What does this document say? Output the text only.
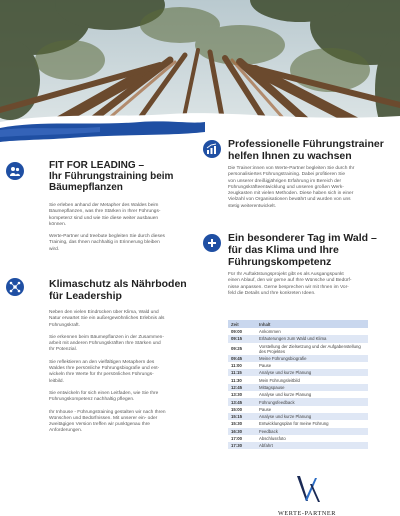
FIT FOR LEADING –
Ihr Führungstraining beim
Bäumepflanzen

Sie erleben anhand der Metapher des Waldes beim

Bäumepflanzen, was Ihre Stärken in Ihrer Führungs-

kompetenz sind und wie Sie diese weiter ausbauen

können.

Werte-Partner und treebute begleiten Sie durch dieses

Training, das Ihnen nachhaltig in Erinnerung bleiben

wird.

Klimaschutz als Nährboden
für Leadership

Neben den vielen Eindrücken über Klima, Wald und

Natur erwartet Sie ein außergewöhnliches Erlebnis als

Führungskraft.

Sie erkennen beim Bäumepflanzen in der Zusammen-

arbeit mit anderen Führungskräften Ihre Stärken und

Ihr Potenzial.

Sie reflektieren an den vielfältigen Metaphern des

Waldes Ihre persönliche Führungsbiografie und ent-

wickeln Ihre Werte für Ihr persönliches Führungs-

leitbild.

Sie entwickeln für sich einen Leitfaden, wie Sie Ihre

Führungskompetenz nachhaltig pflegen.

Ihr Inhouse - Führungstraining gestalten wir nach Ihren

Wünschen und Bedürfnissen. Mit unserer ein- oder

zweitägigen Version treffen wir punktgenau Ihre

Anforderungen.

Professionelle Führungstrainer
helfen Ihnen zu wachsen

Die Trainer:innen von Werte-Partner begleiten Sie durch Ihr

personalisiertes Führungstraining. Dabei profitieren Sie

von unserer dreißigjährigen Erfahrung im Bereich der

Führungskräfteentwicklung und unseren großen Werk-

zeugkasten mit vielen Methoden. Diese haben sich in einer

Vielzahl von Organisationen bewährt und wurden von uns

stetig weiterentwickelt.

Ein besonderer Tag im Wald –
für das Klima und Ihre
Führungskompetenz

Für Ihr Auftaktstungsprojekt gibt es als Ausgangspunkt

einen Ablauf, den wir gerne auf Ihre Wünsche und Bedürf-

nisse anpassen. Gerne besprechen wir mit Ihnen im Vor-

feld die Details und Ihre konkreten Ideen.

Zeit	Inhalt
09:00	Ankommen
09:15	Erläuterungen zum Wald und Klima
09:25	Vorstellung der Zielsetzung und der Aufgabenstellung des Projektes
09:45	Meine Führungsbiografie
11:00	Pause
11:15	Analyse und kurze Planung
11:30	Mein Führungsleitbild
12:45	Mittagspause
13:30	Analyse und kurze Planung
13:45	Führungsfeedback
15:00	Pause
15:15	Analyse und kurze Planung
15:30	Entwicklungsplan für meine Führung
16:30	Feedback
17:00	Abschlussfoto
17:30	Abfahrt
WERTE-PARTNER
